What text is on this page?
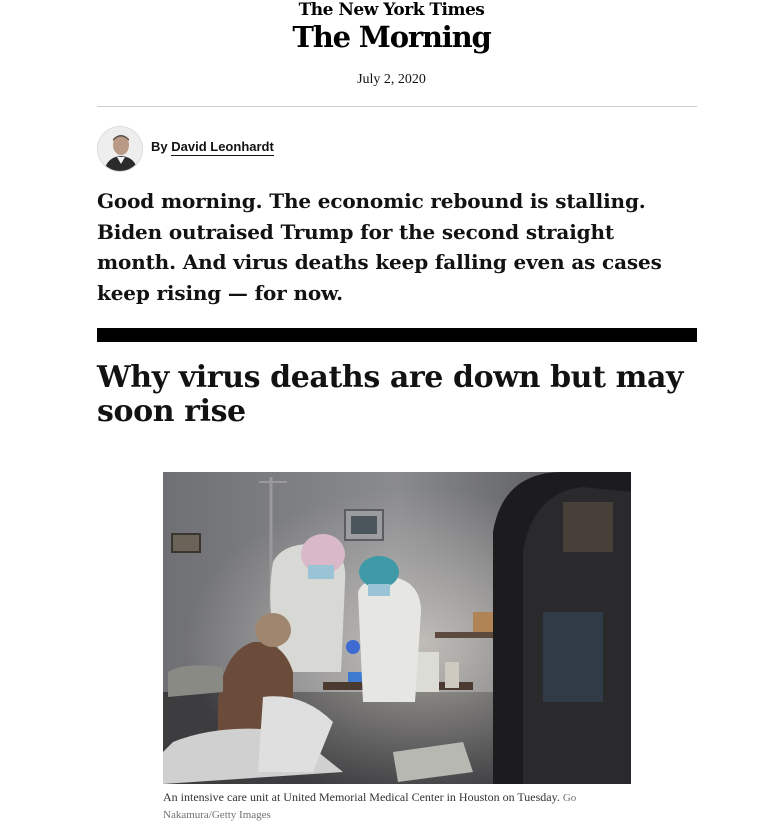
The New York Times
The Morning
July 2, 2020
By David Leonhardt
Good morning. The economic rebound is stalling. Biden outraised Trump for the second straight month. And virus deaths keep falling even as cases keep rising — for now.
Why virus deaths are down but may soon rise
An intensive care unit at United Memorial Medical Center in Houston on Tuesday. Go Nakamura/Getty Images
